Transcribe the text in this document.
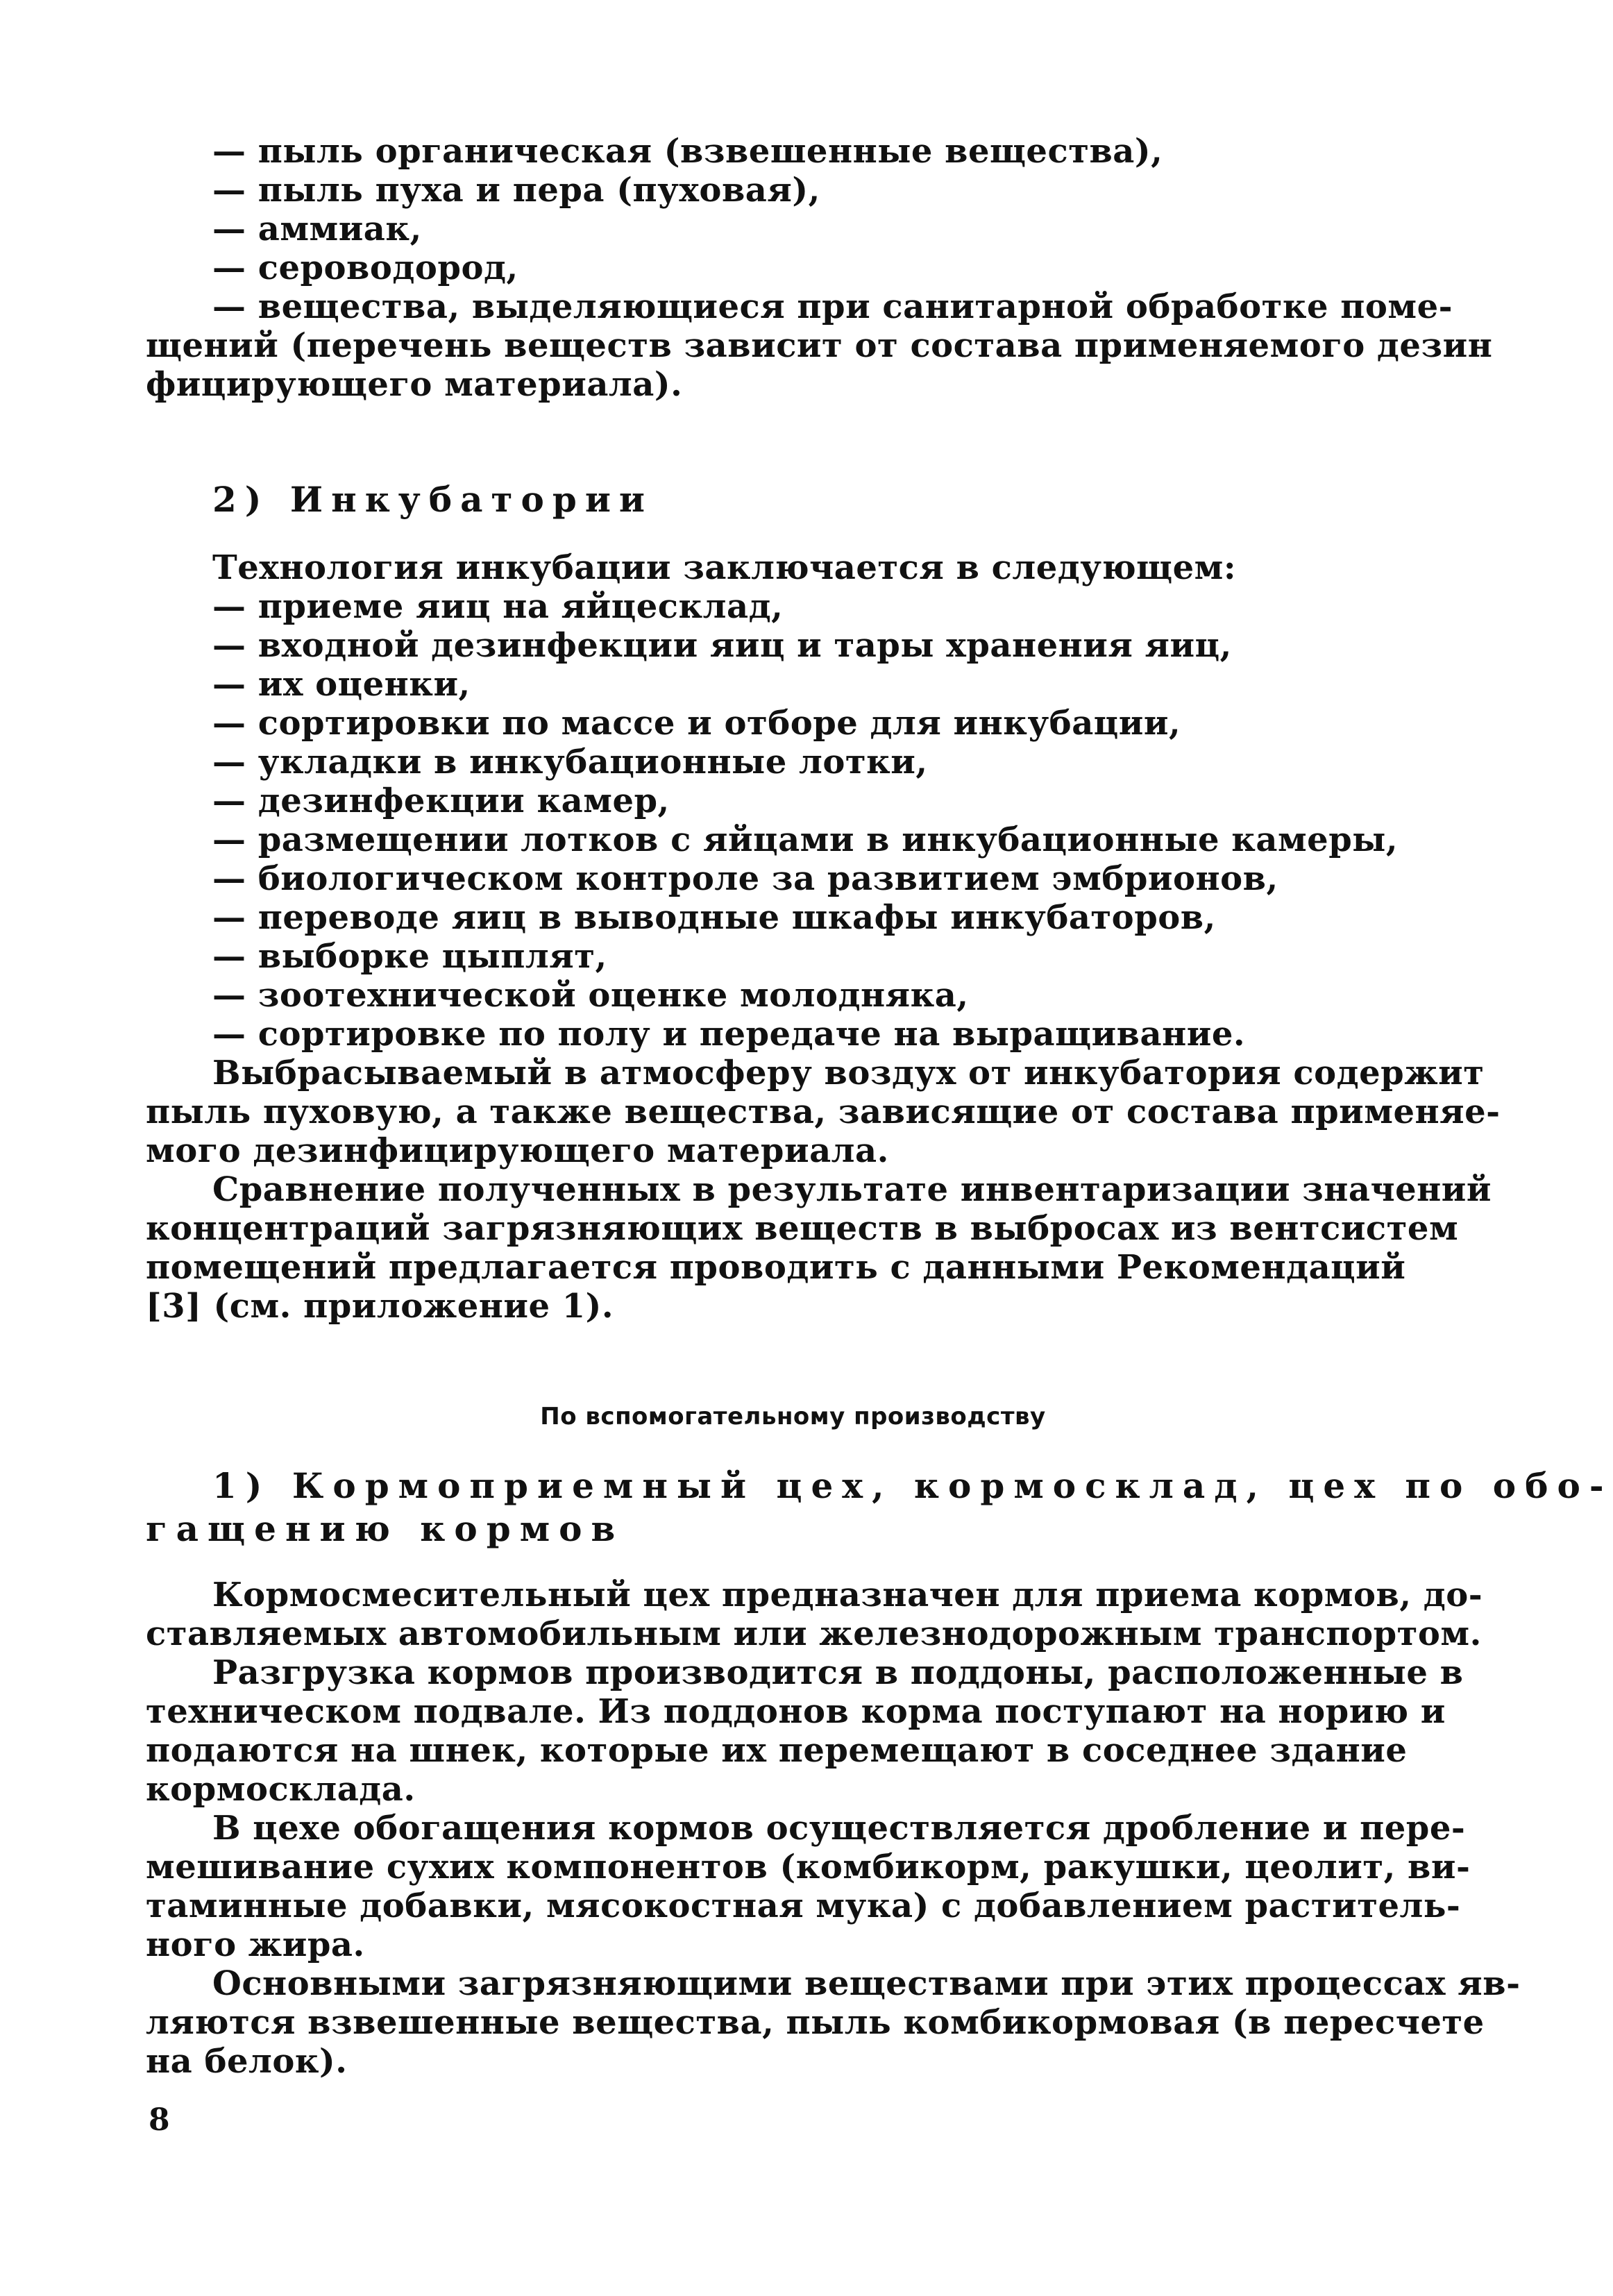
— пыль органическая (взвешенные вещества),
— пыль пуха и пера (пуховая),
— аммиак,
— сероводород,
— вещества, выделяющиеся при санитарной обработке поме-
щений (перечень веществ зависит от состава применяемого дезин
фицирующего материала).
2) Инкубатории
Технология инкубации заключается в следующем:
— приеме яиц на яйцесклад,
— входной дезинфекции яиц и тары хранения яиц,
— их оценки,
— сортировки по массе и отборе для инкубации,
— укладки в инкубационные лотки,
— дезинфекции камер,
— размещении лотков с яйцами в инкубационные камеры,
— биологическом контроле за развитием эмбрионов,
— переводе яиц в выводные шкафы инкубаторов,
— выборке цыплят,
— зоотехнической оценке молодняка,
— сортировке по полу и передаче на выращивание.
Выбрасываемый в атмосферу воздух от инкубатория содержит
пыль пуховую, а также вещества, зависящие от состава применяе-
мого дезинфицирующего материала.
Сравнение полученных в результате инвентаризации значений
концентраций загрязняющих веществ в выбросах из вентсистем
помещений предлагается проводить с данными Рекомендаций
[3] (см. приложение 1).
По вспомогательному производству
1) Кормоприемный цех, кормосклад, цех по обо-
гащению кормов
Кормосмесительный цех предназначен для приема кормов, до-
ставляемых автомобильным или железнодорожным транспортом.
Разгрузка кормов производится в поддоны, расположенные в
техническом подвале. Из поддонов корма поступают на норию и
подаются на шнек, которые их перемещают в соседнее здание
кормосклада.
В цехе обогащения кормов осуществляется дробление и пере-
мешивание сухих компонентов (комбикорм, ракушки, цеолит, ви-
таминные добавки, мясокостная мука) с добавлением раститель-
ного жира.
Основными загрязняющими веществами при этих процессах яв-
ляются взвешенные вещества, пыль комбикормовая (в пересчете
на белок).
8
